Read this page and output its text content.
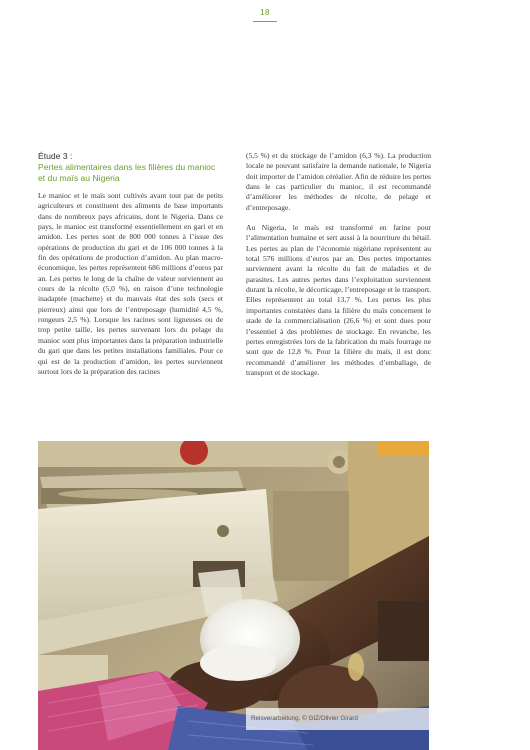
18
Étude 3 :
Pertes alimentaires dans les filières du manioc et du maïs au Nigeria

Le manioc et le maïs sont cultivés avant tout par de petits agriculteurs et constituent des aliments de base importants dans de nombreux pays africains, dont le Nigeria. Dans ce pays, le manioc est transformé essentiellement en gari et en amidon. Les pertes sont de 800 000 tonnes à l’issue des opérations de production du gari et de 106 000 tonnes à la fin des opérations de production d’amidon. Au plan macro-économique, les pertes représentent 686 millions d’euros par an. Les pertes le long de la chaîne de valeur surviennent au cours de la récolte (5,0 %), en raison d’une technologie inadaptée (machette) et du mauvais état des sols (secs et pierreux) ainsi que lors de l’entreposage (humidité 4,5 %, rongeurs 2,5 %). Lorsque les racines sont ligneuses ou de trop petite taille, les pertes survenant lors du pelage du manioc sont plus importantes dans la préparation industrielle du gari que dans les petites installations familiales. Pour ce qui est de la production d’amidon, les pertes surviennent surtout lors de la préparation des racines

(5,5 %) et du stockage de l’amidon (6,3 %). La production locale ne pouvant satisfaire la demande nationale, le Nigeria doit importer de l’amidon céréalier. Afin de réduire les pertes dans le cas particulier du manioc, il est recommandé d’améliorer les méthodes de récolte, de pelage et d’entreposage.

Au Nigeria, le maïs est transformé en farine pour l’alimentation humaine et sert aussi à la nourriture du bétail. Les pertes au plan de l’économie nigériane représentent au total 576 millions d’euros par an. Des pertes importantes surviennent avant la récolte du fait de maladies et de parasites. Les autres pertes dans l’exploitation surviennent durant la récolte, le décorticage, l’entreposage et le transport. Elles représentent au total 13,7 %. Les pertes les plus importantes constatées dans la filière du maïs concernent le stade de la commercialisation (26,6 %) et sont dues pour l’essentiel à des problèmes de stockage. En revanche, les pertes enregistrées lors de la fabrication du maïs fourrage ne sont que de 12,8 %. Pour la filière du maïs, il est donc recommandé d’améliorer les méthodes d’emballage, de transport et de stockage.

Reisverarbeitung. © GIZ/Olivier Girard
